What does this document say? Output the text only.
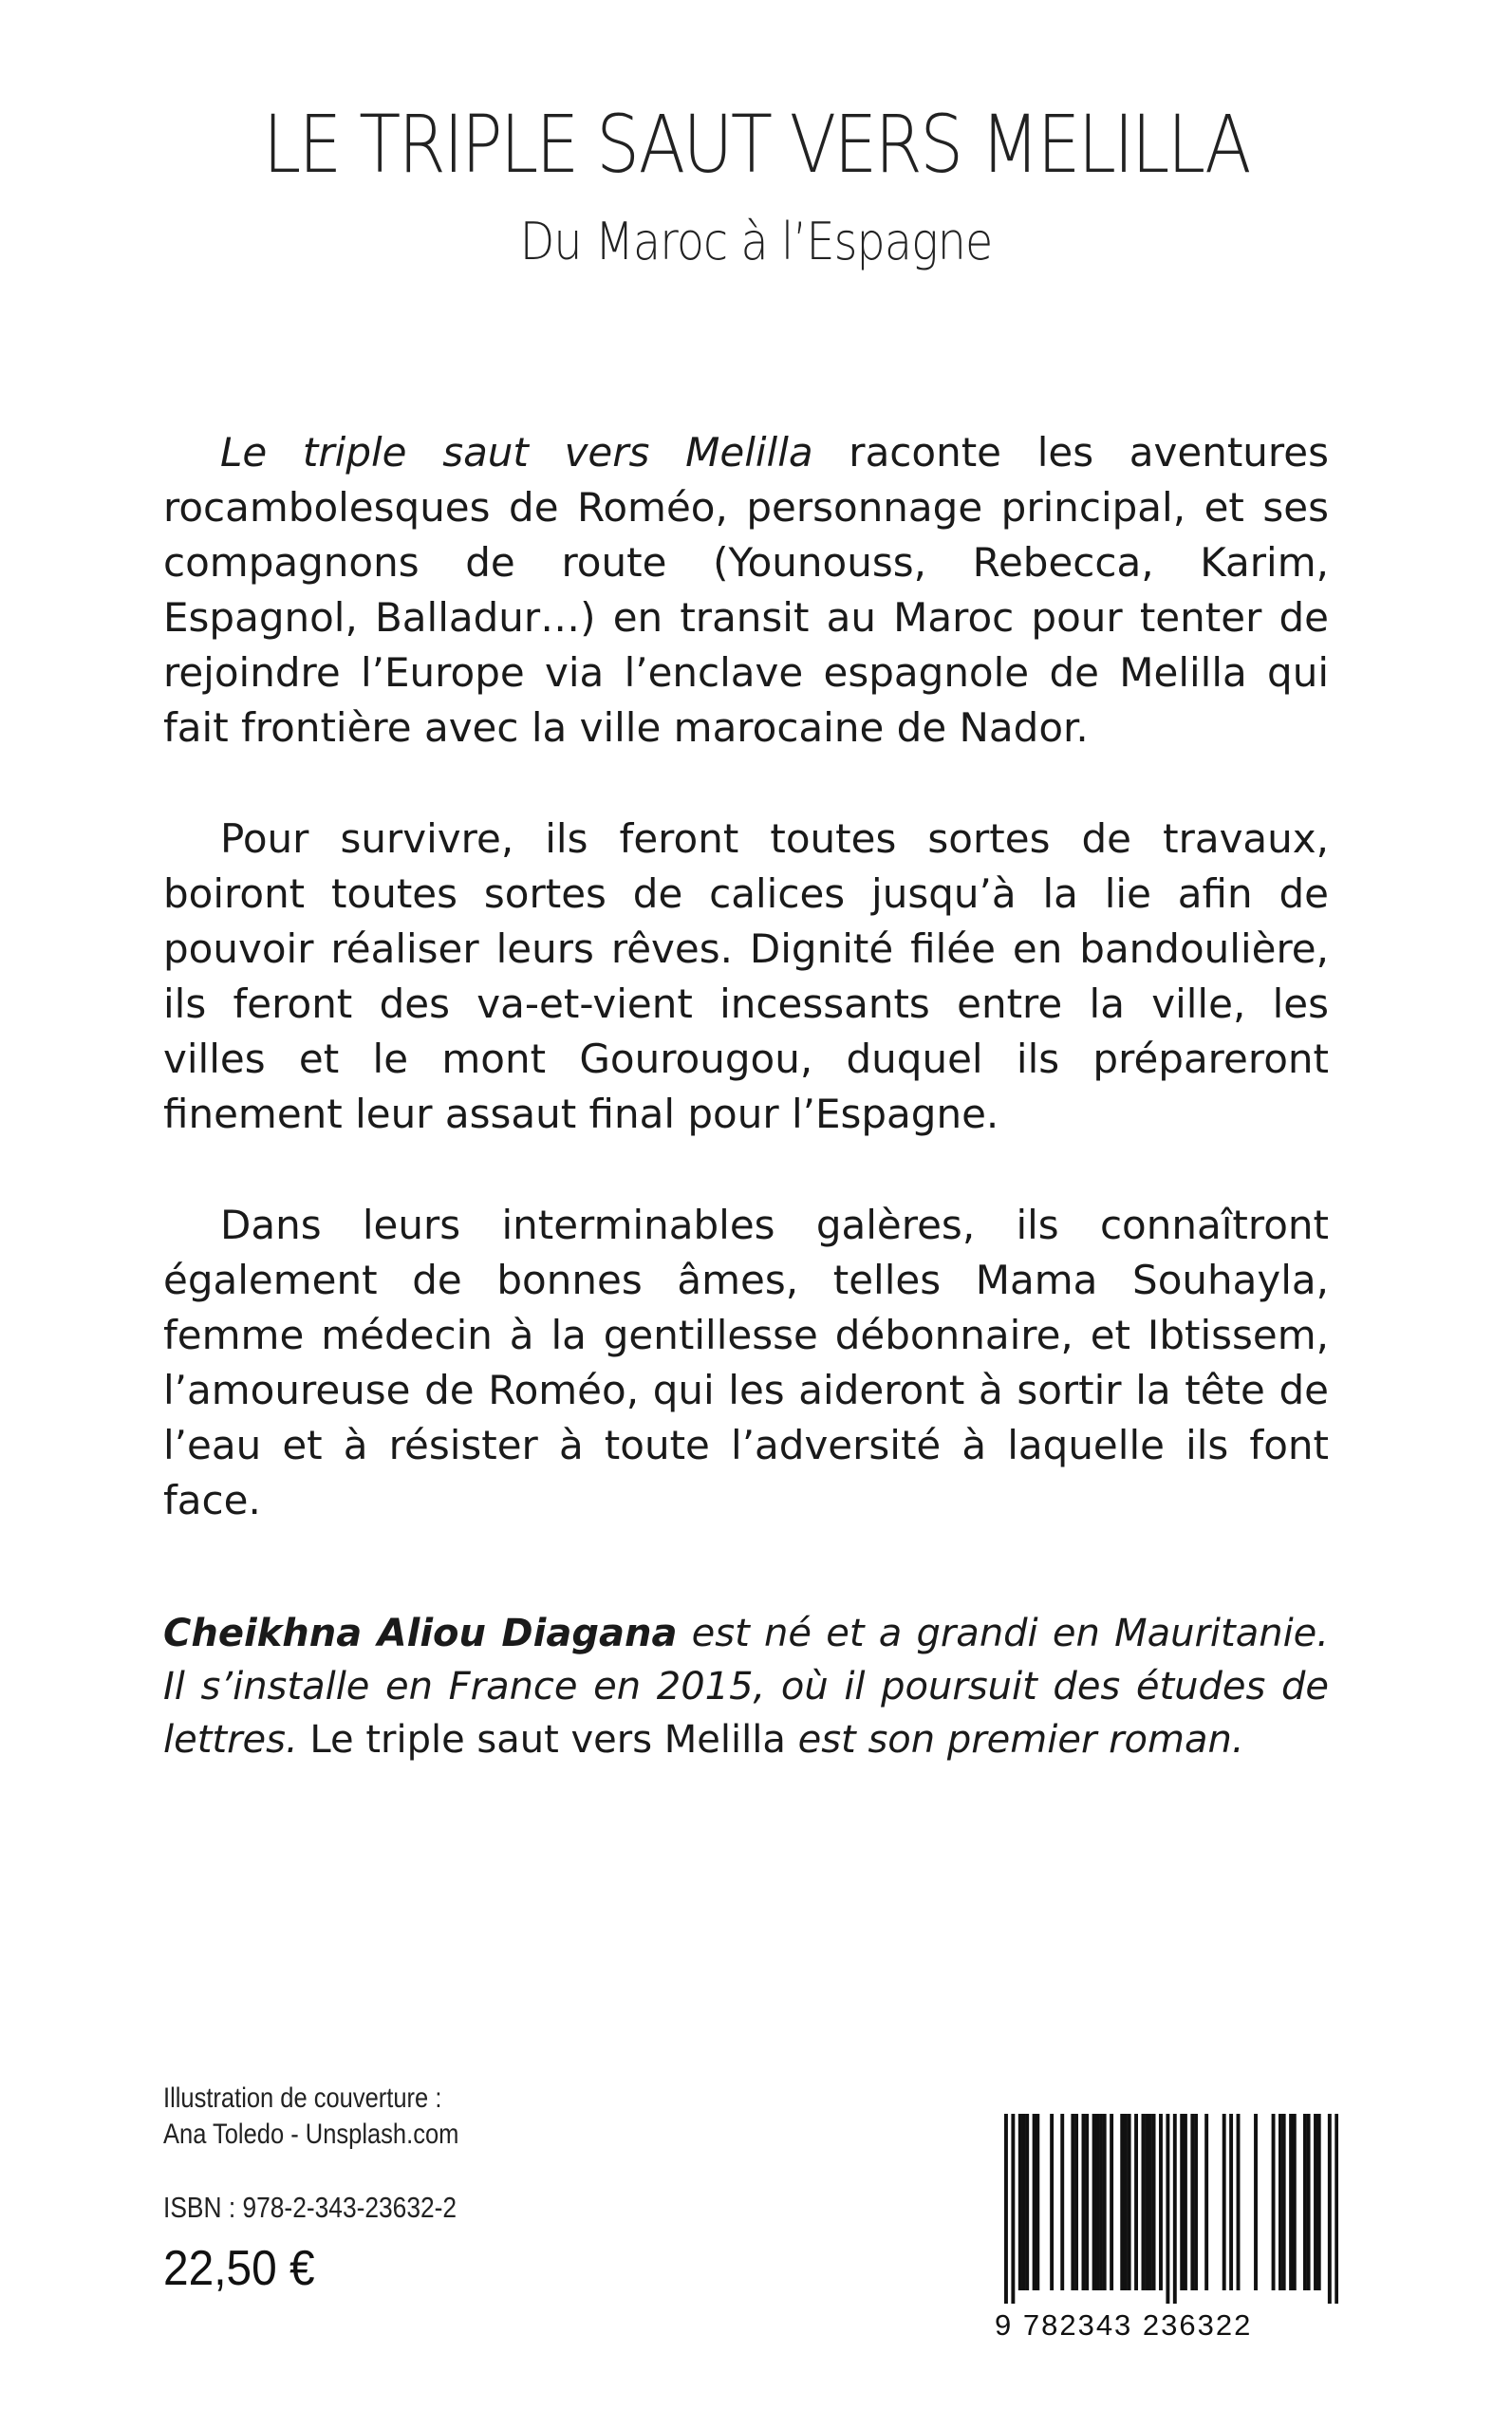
LE TRIPLE SAUT VERS MELILLA
Du Maroc à l’Espagne

Le triple saut vers Melilla raconte les aventures rocambolesques de Roméo, personnage principal, et ses compagnons de route (Younouss, Rebecca, Karim, Espagnol, Balladur…) en transit au Maroc pour tenter de rejoindre l’Europe via l’enclave espagnole de Melilla qui fait frontière avec la ville marocaine de Nador.

Pour survivre, ils feront toutes sortes de travaux, boiront toutes sortes de calices jusqu’à la lie afin de pouvoir réaliser leurs rêves. Dignité filée en bandoulière, ils feront des va-et-vient incessants entre la ville, les villes et le mont Gourougou, duquel ils prépareront finement leur assaut final pour l’Espagne.

Dans leurs interminables galères, ils connaîtront également de bonnes âmes, telles Mama Souhayla, femme médecin à la gentillesse débonnaire, et Ibtissem, l’amoureuse de Roméo, qui les aideront à sortir la tête de l’eau et à résister à toute l’adversité à laquelle ils font face.

Cheikhna Aliou Diagana est né et a grandi en Mauritanie. Il s’installe en France en 2015, où il poursuit des études de lettres. Le triple saut vers Melilla est son premier roman.

Illustration de couverture :
Ana Toledo - Unsplash.com
ISBN : 978-2-343-23632-2
22,50 €
9 782343 236322
